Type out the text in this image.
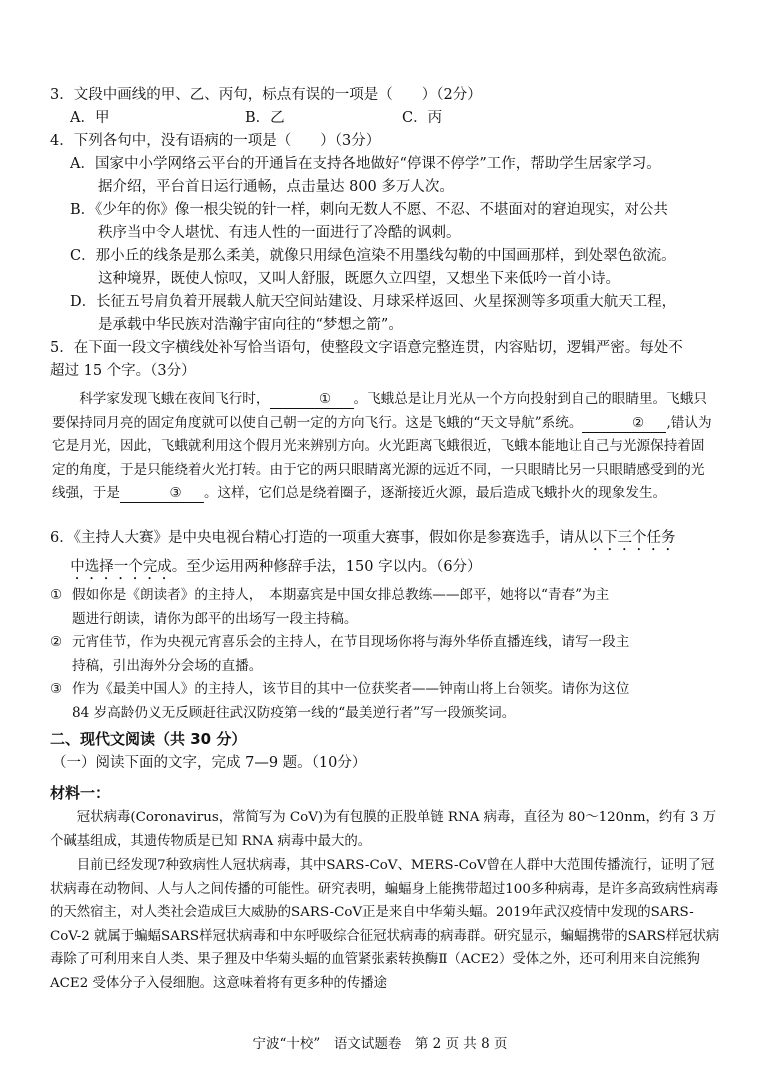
3．文段中画线的甲、乙、丙句，标点有误的一项是（　　）（2分）
A．甲	B．乙	C．丙
4．下列各句中，没有语病的一项是（　　）（3分）
A．国家中小学网络云平台的开通旨在支持各地做好“停课不停学”工作，帮助学生居家学习。
据介绍，平台首日运行通畅，点击量达 800 多万人次。
B．《少年的你》像一根尖锐的针一样，刺向无数人不愿、不忍、不堪面对的窘迫现实，对公共
秩序当中令人堪忧、有违人性的一面进行了冷酷的讽刺。
C．那小丘的线条是那么柔美，就像只用绿色渲染不用墨线勾勒的中国画那样，到处翠色欲流。
这种境界，既使人惊叹，又叫人舒服，既愿久立四望，又想坐下来低吟一首小诗。
D．长征五号肩负着开展载人航天空间站建设、月球采样返回、火星探测等多项重大航天工程，
是承载中华民族对浩瀚宇宙向往的“梦想之箭”。
5．在下面一段文字横线处补写恰当语句，使整段文字语意完整连贯，内容贴切，逻辑严密。每处不
超过 15 个字。（3分）
科学家发现飞蛾在夜间飞行时，	① 。飞蛾总是让月光从一个方向投射到自己的眼睛里。飞蛾只要保持同月亮的固定角度就可以使自己朝一定的方向飞行。这是飞蛾的“天文导航”系统。	② ,错认为它是月光，因此，飞蛾就利用这个假月光来辨别方向。火光距离飞蛾很近，飞蛾本能地让自己与光源保持着固定的角度，于是只能绕着火光打转。由于它的两只眼睛离光源的远近不同，一只眼睛比另一只眼睛感受到的光线强，于是	③ 。这样，它们总是绕着圈子，逐渐接近火源，最后造成飞蛾扑火的现象发生。
6．《主持人大赛》是中央电视台精心打造的一项重大赛事，假如你是参赛选手，请从以下三个任务
中选择一个完成。至少运用两种修辞手法，150 字以内。（6分）
① 假如你是《朗读者》的主持人，　本期嘉宾是中国女排总教练——郎平，她将以“青春”为主
题进行朗读，请你为郎平的出场写一段主持稿。
② 元宵佳节，作为央视元宵喜乐会的主持人，在节目现场你将与海外华侨直播连线，请写一段主
持稿，引出海外分会场的直播。
③ 作为《最美中国人》的主持人，该节目的其中一位获奖者——钟南山将上台领奖。请你为这位
84 岁高龄仍义无反顾赶往武汉防疫第一线的“最美逆行者”写一段颁奖词。
二、现代文阅读（共 30 分）
（一）阅读下面的文字，完成 7—9 题。（10分）
材料一：
冠状病毒(Coronavirus，常简写为 CoV)为有包膜的正股单链 RNA 病毒，直径为 80～120nm，约有 3 万个碱基组成，其遗传物质是已知 RNA 病毒中最大的。
目前已经发现7种致病性人冠状病毒，其中SARS-CoV、MERS-CoV曾在人群中大范围传播流行，证明了冠状病毒在动物间、人与人之间传播的可能性。研究表明，蝙蝠身上能携带超过100多种病毒，是许多高致病性病毒的天然宿主，对人类社会造成巨大威胁的SARS-CoV正是来自中华菊头蝠。2019年武汉疫情中发现的SARS-CoV-2 就属于蝙蝠SARS样冠状病毒和中东呼吸综合征冠状病毒的病毒群。研究显示，蝙蝠携带的SARS样冠状病毒除了可利用来自人类、果子狸及中华菊头蝠的血管紧张素转换酶Ⅱ（ACE2）受体之外，还可利用来自浣熊狗ACE2 受体分子入侵细胞。这意味着将有更多种的传播途
宁波“十校”　语文试题卷　第 2 页 共 8 页
